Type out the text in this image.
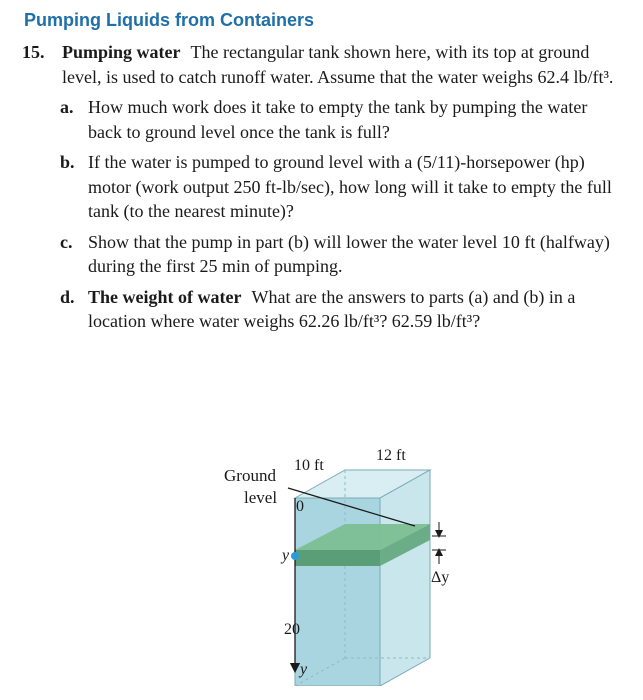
Pumping Liquids from Containers
15. Pumping water The rectangular tank shown here, with its top at ground level, is used to catch runoff water. Assume that the water weighs 62.4 lb/ft³.
a. How much work does it take to empty the tank by pumping the water back to ground level once the tank is full?
b. If the water is pumped to ground level with a (5/11)-horsepower (hp) motor (work output 250 ft-lb/sec), how long will it take to empty the full tank (to the nearest minute)?
c. Show that the pump in part (b) will lower the water level 10 ft (halfway) during the first 25 min of pumping.
d. The weight of water What are the answers to parts (a) and (b) in a location where water weighs 62.26 lb/ft³? 62.59 lb/ft³?
Ground
level
10 ft
12 ft
0
y
20
y
Δy
